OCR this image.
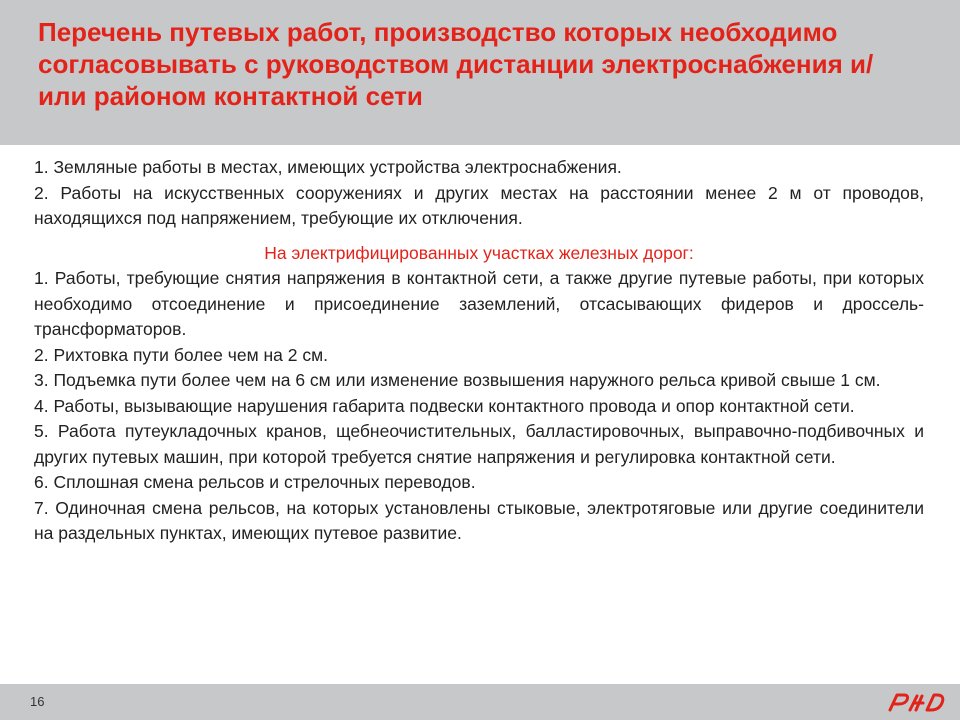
Перечень путевых работ, производство которых необходимо согласовывать с руководством дистанции электроснабжения и/или районом контактной сети

1. Земляные работы в местах, имеющих устройства электроснабжения.

2. Работы на искусственных сооружениях и других местах на расстоянии менее 2 м от проводов, находящихся под напряжением, требующие их отключения.

На электрифицированных участках железных дорог:

1. Работы, требующие снятия напряжения в контактной сети, а также другие путевые работы, при которых необходимо отсоединение и присоединение заземлений, отсасывающих фидеров и дроссель-трансформаторов.

2. Рихтовка пути более чем на 2 см.

3. Подъемка пути более чем на 6 см или изменение возвышения наружного рельса кривой свыше 1 см.

4. Работы, вызывающие нарушения габарита подвески контактного провода и опор контактной сети.

5. Работа путеукладочных кранов, щебнеочистительных, балластировочных, выправочно-подбивочных и других путевых машин, при которой требуется снятие напряжения и регулировка контактной сети.

6. Сплошная смена рельсов и стрелочных переводов.

7. Одиночная смена рельсов, на которых установлены стыковые, электротяговые или другие соединители на раздельных пунктах, имеющих путевое развитие.

16
